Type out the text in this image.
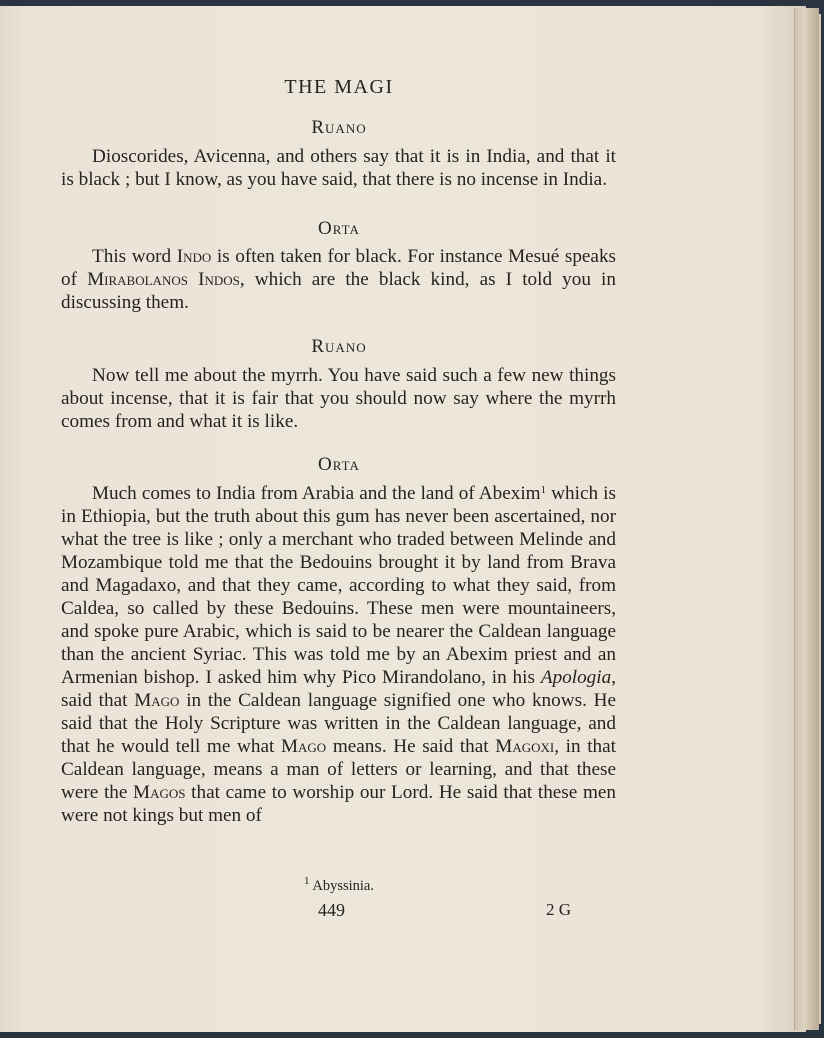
THE MAGI
Ruano

Dioscorides, Avicenna, and others say that it is in India, and that it is black ; but I know, as you have said, that there is no incense in India.

Orta

This word Indo is often taken for black. For instance Mesué speaks of Mirabolanos Indos, which are the black kind, as I told you in discussing them.

Ruano

Now tell me about the myrrh. You have said such a few new things about incense, that it is fair that you should now say where the myrrh comes from and what it is like.

Orta

Much comes to India from Arabia and the land of Abexim$^1$ which is in Ethiopia, but the truth about this gum has never been ascertained, nor what the tree is like ; only a merchant who traded between Melinde and Mozambique told me that the Bedouins brought it by land from Brava and Magadaxo, and that they came, according to what they said, from Caldea, so called by these Bedouins. These men were mountaineers, and spoke pure Arabic, which is said to be nearer the Caldean language than the ancient Syriac. This was told me by an Abexim priest and an Armenian bishop. I asked him why Pico Mirandolano, in his Apologia, said that Mago in the Caldean language signified one who knows. He said that the Holy Scripture was written in the Caldean language, and that he would tell me what Mago means. He said that Magoxi, in that Caldean language, means a man of letters or learning, and that these were the Magos that came to worship our Lord. He said that these men were not kings but men of

$^1$ Abyssinia.
449	2 G
